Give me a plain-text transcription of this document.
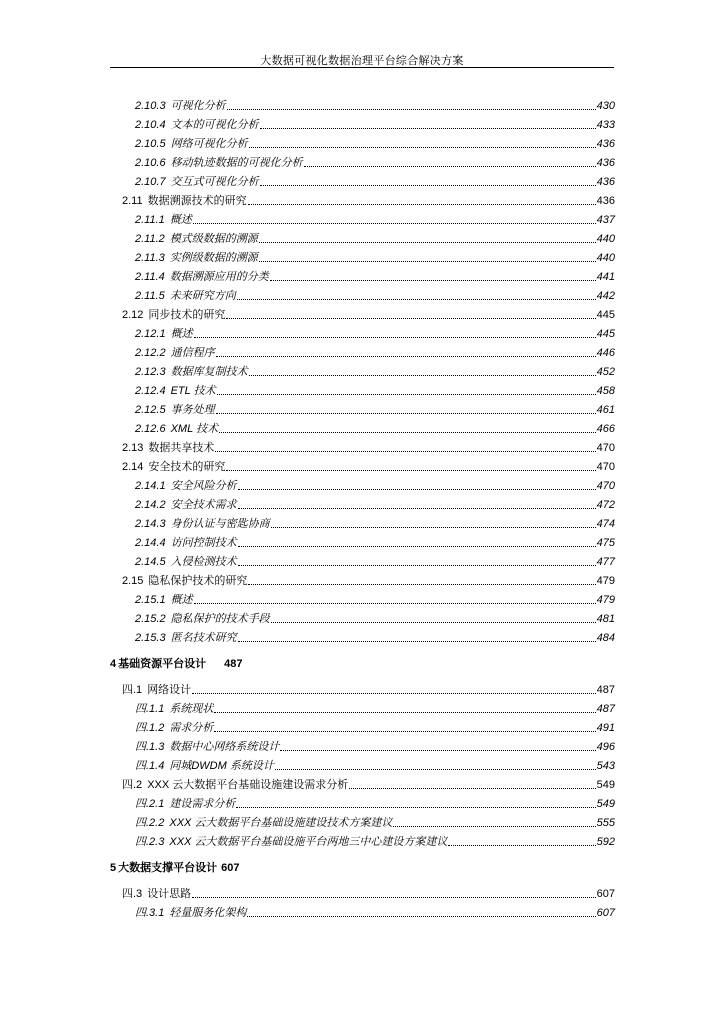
大数据可视化数据治理平台综合解决方案
2.10.3 可视化分析	430
2.10.4 文本的可视化分析	433
2.10.5 网络可视化分析	436
2.10.6 移动轨迹数据的可视化分析	436
2.10.7 交互式可视化分析	436
2.11 数据溯源技术的研究	436
2.11.1 概述	437
2.11.2 模式级数据的溯源	440
2.11.3 实例级数据的溯源	440
2.11.4 数据溯源应用的分类	441
2.11.5 未来研究方向	442
2.12 同步技术的研究	445
2.12.1 概述	445
2.12.2 通信程序	446
2.12.3 数据库复制技术	452
2.12.4 ETL 技术	458
2.12.5 事务处理	461
2.12.6 XML 技术	466
2.13 数据共享技术	470
2.14 安全技术的研究	470
2.14.1 安全风险分析	470
2.14.2 安全技术需求	472
2.14.3 身份认证与密匙协商	474
2.14.4 访问控制技术	475
2.14.5 入侵检测技术	477
2.15 隐私保护技术的研究	479
2.15.1 概述	479
2.15.2 隐私保护的技术手段	481
2.15.3 匿名技术研究	484
4 基础资源平台设计 487
四.1 网络设计	487
四.1.1 系统现状	487
四.1.2 需求分析	491
四.1.3 数据中心网络系统设计	496
四.1.4 同城DWDM 系统设计	543
四.2 XXX 云大数据平台基础设施建设需求分析	549
四.2.1 建设需求分析	549
四.2.2 XXX 云大数据平台基础设施建设技术方案建议	555
四.2.3 XXX 云大数据平台基础设施平台两地三中心建设方案建议	592
5 大数据支撑平台设计 607
四.3 设计思路	607
四.3.1 轻量服务化架构	607
